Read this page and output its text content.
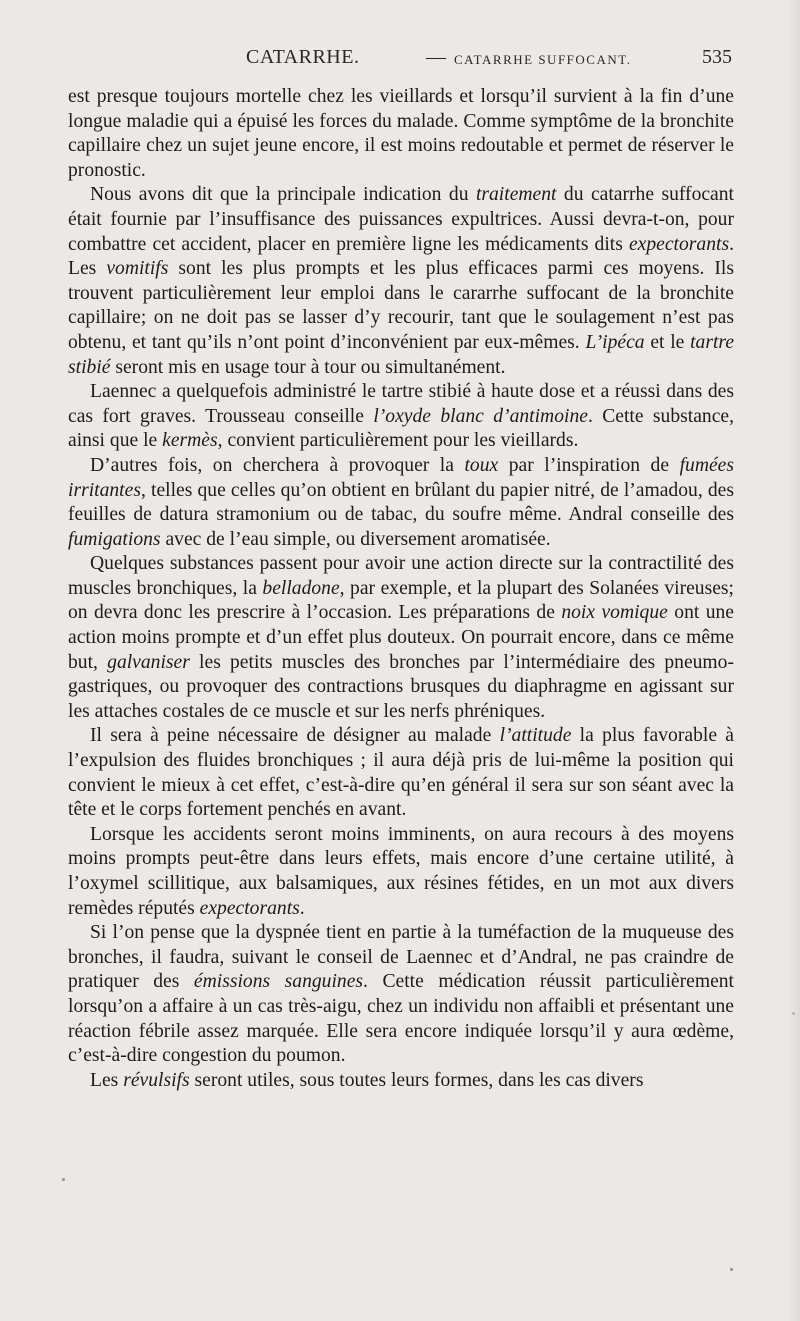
CATARRHE.	— CATARRHE SUFFOCANT.	535

est presque toujours mortelle chez les vieillards et lorsqu’il survient à la fin d’une longue maladie qui a épuisé les forces du malade. Comme symptôme de la bronchite capillaire chez un sujet jeune encore, il est moins redoutable et permet de réserver le pronostic.

Nous avons dit que la principale indication du traitement du catarrhe suffocant était fournie par l’insuffisance des puissances expultrices. Aussi devra-t-on, pour combattre cet accident, placer en première ligne les médicaments dits expectorants. Les vomitifs sont les plus prompts et les plus efficaces parmi ces moyens. Ils trouvent particulièrement leur emploi dans le cararrhe suffocant de la bronchite capillaire; on ne doit pas se lasser d’y recourir, tant que le soulagement n’est pas obtenu, et tant qu’ils n’ont point d’inconvénient par eux-mêmes. L’ipéca et le tartre stibié seront mis en usage tour à tour ou simultanément.

Laennec a quelquefois administré le tartre stibié à haute dose et a réussi dans des cas fort graves. Trousseau conseille l’oxyde blanc d’antimoine. Cette substance, ainsi que le kermès, convient particulièrement pour les vieillards.

D’autres fois, on cherchera à provoquer la toux par l’inspiration de fumées irritantes, telles que celles qu’on obtient en brûlant du papier nitré, de l’amadou, des feuilles de datura stramonium ou de tabac, du soufre même. Andral conseille des fumigations avec de l’eau simple, ou diversement aromatisée.

Quelques substances passent pour avoir une action directe sur la contractilité des muscles bronchiques, la belladone, par exemple, et la plupart des Solanées vireuses; on devra donc les prescrire à l’occasion. Les préparations de noix vomique ont une action moins prompte et d’un effet plus douteux. On pourrait encore, dans ce même but, galvaniser les petits muscles des bronches par l’intermédiaire des pneumo-gastriques, ou provoquer des contractions brusques du diaphragme en agissant sur les attaches costales de ce muscle et sur les nerfs phréniques.

Il sera à peine nécessaire de désigner au malade l’attitude la plus favorable à l’expulsion des fluides bronchiques ; il aura déjà pris de lui-même la position qui convient le mieux à cet effet, c’est-à-dire qu’en général il sera sur son séant avec la tête et le corps fortement penchés en avant.

Lorsque les accidents seront moins imminents, on aura recours à des moyens moins prompts peut-être dans leurs effets, mais encore d’une certaine utilité, à l’oxymel scillitique, aux balsamiques, aux résines fétides, en un mot aux divers remèdes réputés expectorants.

Si l’on pense que la dyspnée tient en partie à la tuméfaction de la muqueuse des bronches, il faudra, suivant le conseil de Laennec et d’Andral, ne pas craindre de pratiquer des émissions sanguines. Cette médication réussit particulièrement lorsqu’on a affaire à un cas très-aigu, chez un individu non affaibli et présentant une réaction fébrile assez marquée. Elle sera encore indiquée lorsqu’il y aura œdème, c’est-à-dire congestion du poumon.

Les révulsifs seront utiles, sous toutes leurs formes, dans les cas divers
